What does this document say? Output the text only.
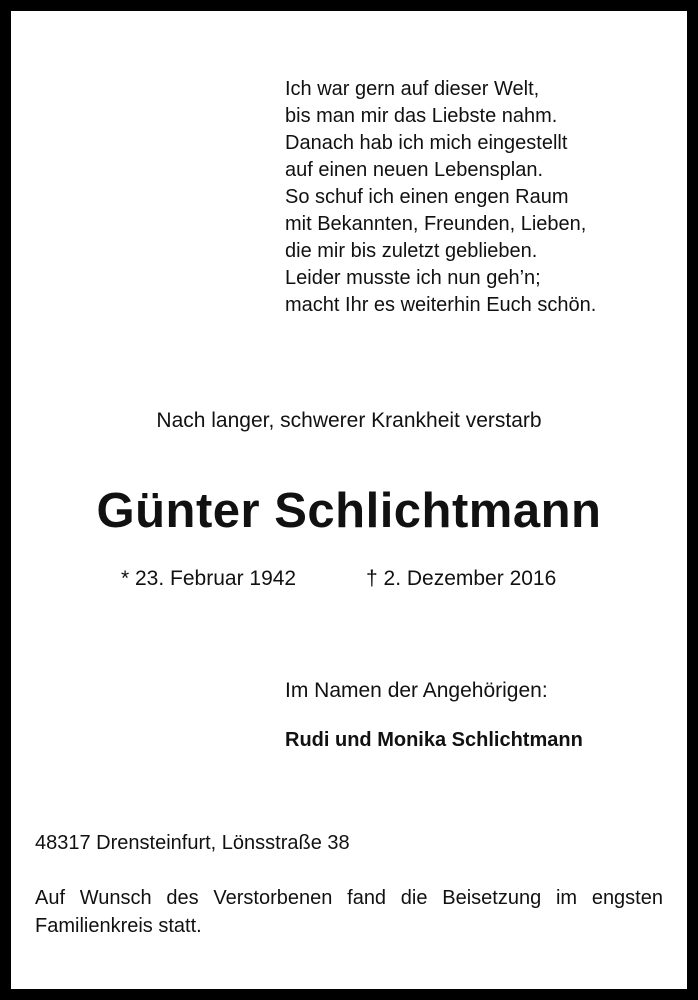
Ich war gern auf dieser Welt,
bis man mir das Liebste nahm.
Danach hab ich mich eingestellt
auf einen neuen Lebensplan.
So schuf ich einen engen Raum
mit Bekannten, Freunden, Lieben,
die mir bis zuletzt geblieben.
Leider musste ich nun geh’n;
macht Ihr es weiterhin Euch schön.
Nach langer, schwerer Krankheit verstarb
Günter Schlichtmann
* 23. Februar 1942	† 2. Dezember 2016
Im Namen der Angehörigen:
Rudi und Monika Schlichtmann
48317 Drensteinfurt, Lönsstraße 38
Auf Wunsch des Verstorbenen fand die Beisetzung im engsten Familienkreis statt.
